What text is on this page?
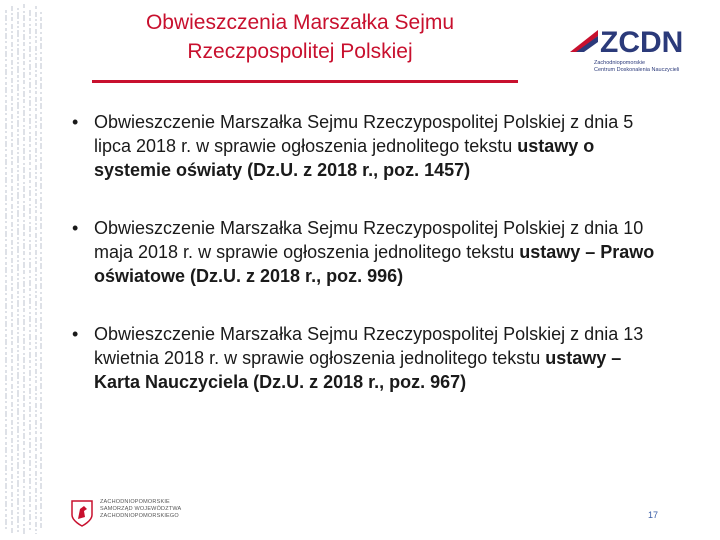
Obwieszczenia Marszałka Sejmu
Rzeczpospolitej Polskiej	ZCDN
Zachodniopomorskie
Centrum Doskonalenia Nauczycieli
• Obwieszczenie Marszałka Sejmu Rzeczypospolitej Polskiej z dnia 5 lipca 2018 r. w sprawie ogłoszenia jednolitego tekstu ustawy o systemie oświaty (Dz.U. z 2018 r., poz. 1457)
• Obwieszczenie Marszałka Sejmu Rzeczypospolitej Polskiej z dnia 10 maja 2018 r. w sprawie ogłoszenia jednolitego tekstu ustawy – Prawo oświatowe (Dz.U. z 2018 r., poz. 996)
• Obwieszczenie Marszałka Sejmu Rzeczypospolitej Polskiej z dnia 13 kwietnia 2018 r. w sprawie ogłoszenia jednolitego tekstu ustawy – Karta Nauczyciela (Dz.U. z 2018 r., poz. 967)
ZACHODNIOPOMORSKIE
SAMORZĄD WOJEWÓDZTWA
ZACHODNIOPOMORSKIEGO	17
